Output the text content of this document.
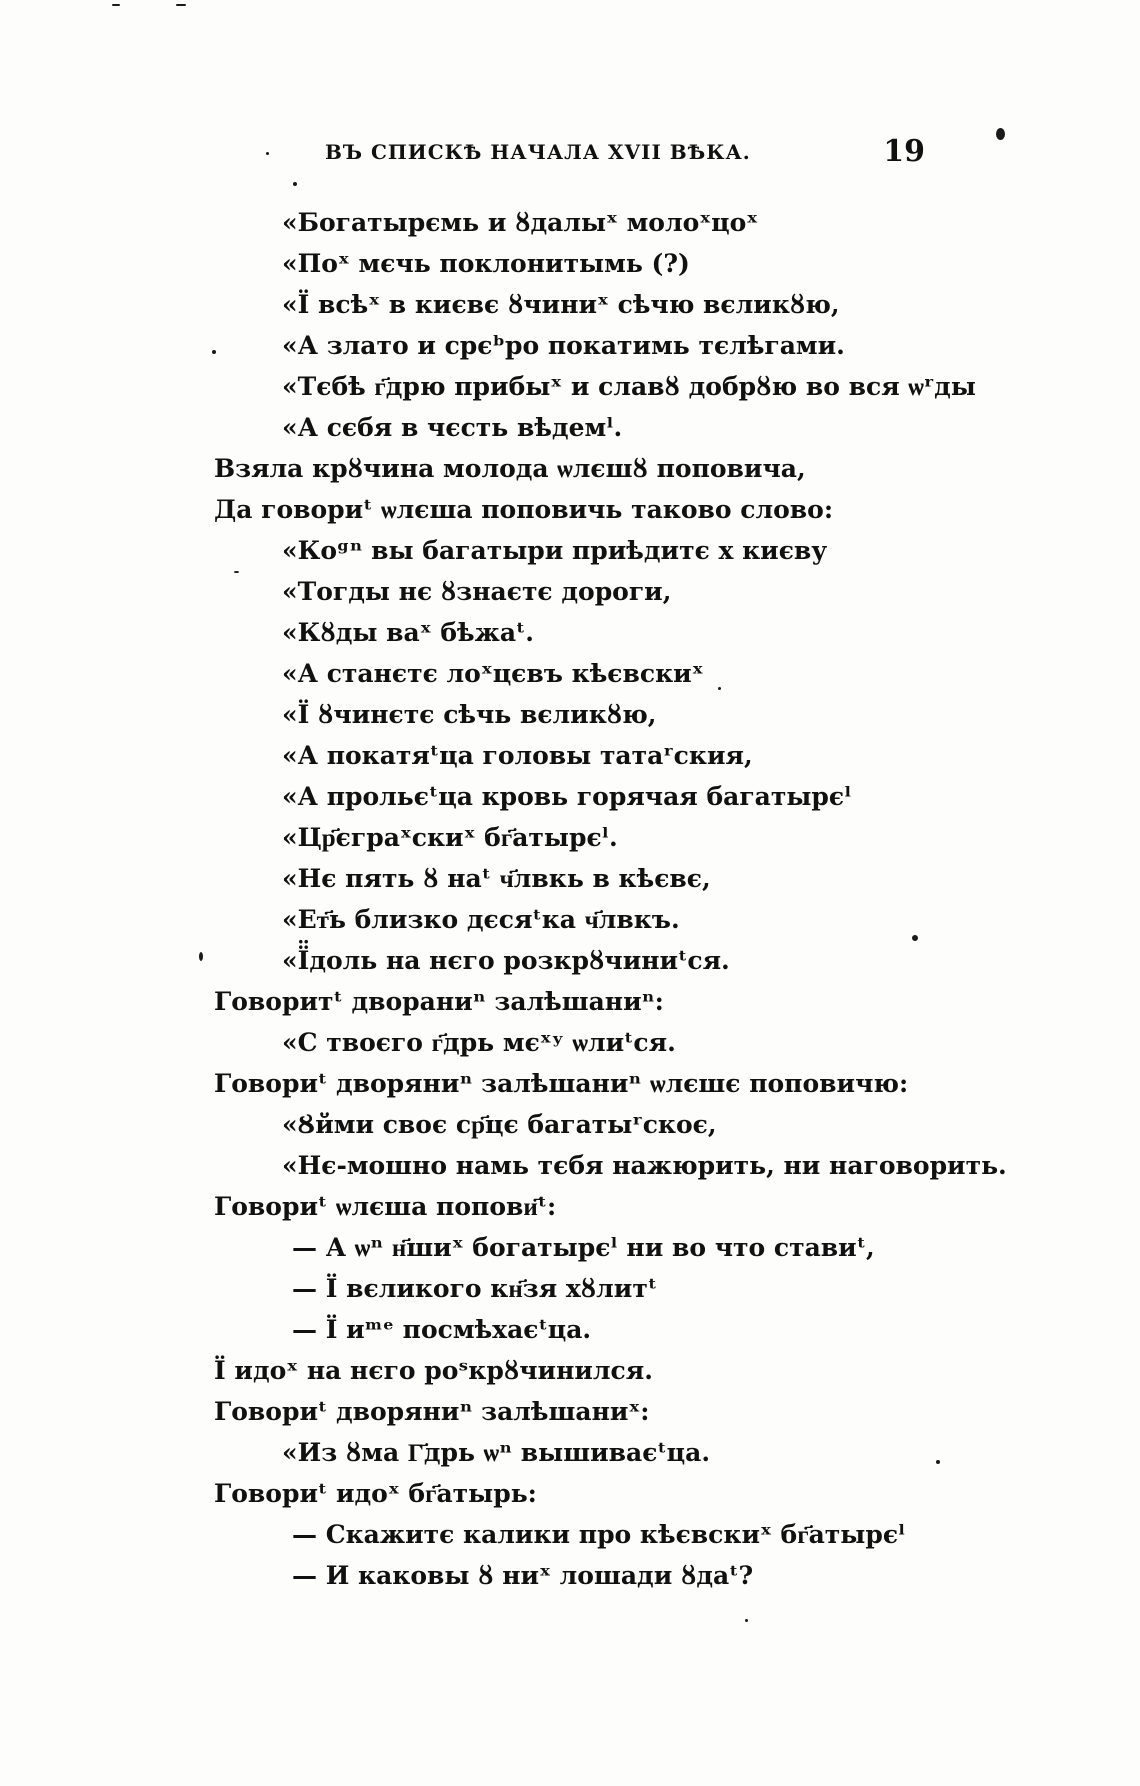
ВЪ СПИСКѢ НАЧАЛА XVII ВѢКА.	19
«Богатырємь и ȣдалыˣ молоˣцоˣ
«Поˣ мєчь поклонитымь (?)
«Ї всѣˣ в києвє ȣчиниˣ сѣчю вєликȣю,
«А злато и срєᵇро покатимь тєлѣгами.
«Тєбѣ г҃дрю прибыˣ и славȣ добрȣю во вся ѡʳды
«А сєбя в чєсть вѣдемˡ.
Взяла крȣчина молода ѡлєшȣ поповича,
Да говориᵗ ѡлєша поповичь таково слово:
«Коᵍⁿ вы багатыри приѣдитє х києву
«Тогды нє ȣзнаєтє дороги,
«Кȣды ваˣ бѣжаᵗ.
«А станєтє лоˣцєвъ кѣєвскиˣ
«Ї ȣчинєтє сѣчь вєликȣю,
«А покатяᵗца головы татаʳския,
«А прольєᵗца кровь горячая багатырєˡ
«Цр҃єграˣскиˣ бг҃атырєˡ.
«Нє пять ȣ наᵗ ч҃лвкь в кѣєвє,
«Ет҃ь близко дєсяᵗка ч҃лвкъ.
«Ї̈доль на нєго розкрȣчиниᵗся.
Говоритᵗ двораниⁿ залѣшаниⁿ:
«С твоєго г҃дрь мєˣʸ ѡлиᵗся.
Говориᵗ двоpяниⁿ залѣшаниⁿ ѡлєшє поповичю:
«Ȣйми своє ср҃цє багатыʳскоє,
«Нє-мошно намь тєбя нажюрить, ни наговорить.
Говориᵗ ѡлєша попови҃ᵗ:
— А ѡⁿ н҃шиˣ богатырєˡ ни во что ставиᵗ,
— Ї вєликого кн҃зя хȣлитᵗ
— Ї иᵐᵉ посмѣхаєᵗца.
Ї идоˣ на нєго роˢкрȣчинился.
Говориᵗ двоpяниⁿ залѣшаниˣ:
«Из ȣма Г҃дрь ѡⁿ вышиваєᵗца.
Говориᵗ идоˣ бг҃атырь:
— Скажитє калики про кѣєвскиˣ бг҃атырєˡ
— И каковы ȣ ниˣ лошади ȣдаᵗ?
